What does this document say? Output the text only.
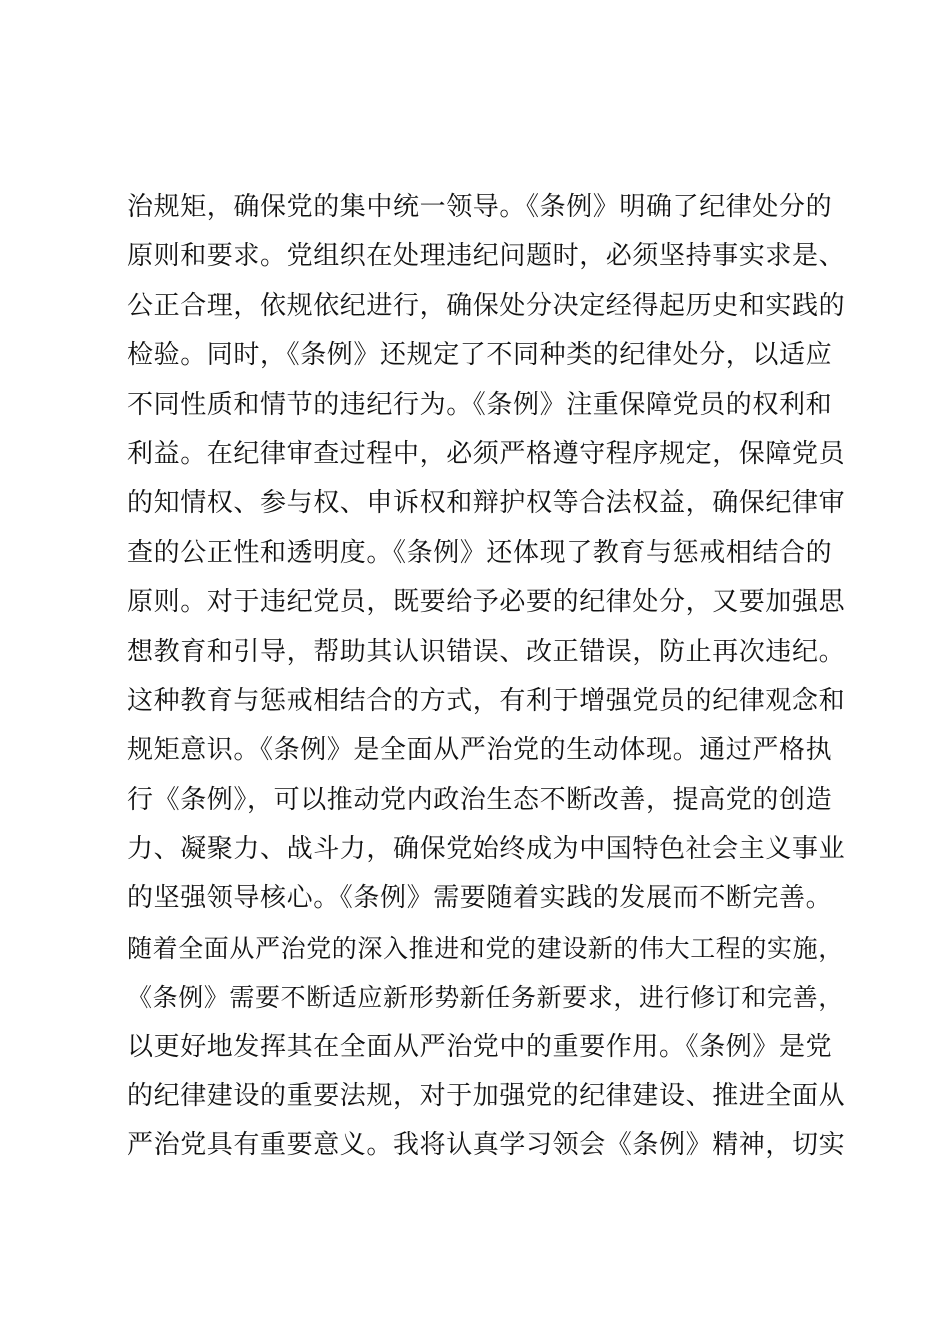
治规矩，确保党的集中统一领导。《条例》明确了纪律处分的
原则和要求。党组织在处理违纪问题时，必须坚持事实求是、
公正合理，依规依纪进行，确保处分决定经得起历史和实践的
检验。同时，《条例》还规定了不同种类的纪律处分，以适应
不同性质和情节的违纪行为。《条例》注重保障党员的权利和
利益。在纪律审查过程中，必须严格遵守程序规定，保障党员
的知情权、参与权、申诉权和辩护权等合法权益，确保纪律审
查的公正性和透明度。《条例》还体现了教育与惩戒相结合的
原则。对于违纪党员，既要给予必要的纪律处分，又要加强思
想教育和引导，帮助其认识错误、改正错误，防止再次违纪。
这种教育与惩戒相结合的方式，有利于增强党员的纪律观念和
规矩意识。《条例》是全面从严治党的生动体现。通过严格执
行《条例》，可以推动党内政治生态不断改善，提高党的创造
力、凝聚力、战斗力，确保党始终成为中国特色社会主义事业
的坚强领导核心。《条例》需要随着实践的发展而不断完善。
随着全面从严治党的深入推进和党的建设新的伟大工程的实施，
《条例》需要不断适应新形势新任务新要求，进行修订和完善，
以更好地发挥其在全面从严治党中的重要作用。《条例》是党
的纪律建设的重要法规，对于加强党的纪律建设、推进全面从
严治党具有重要意义。我将认真学习领会《条例》精神，切实
